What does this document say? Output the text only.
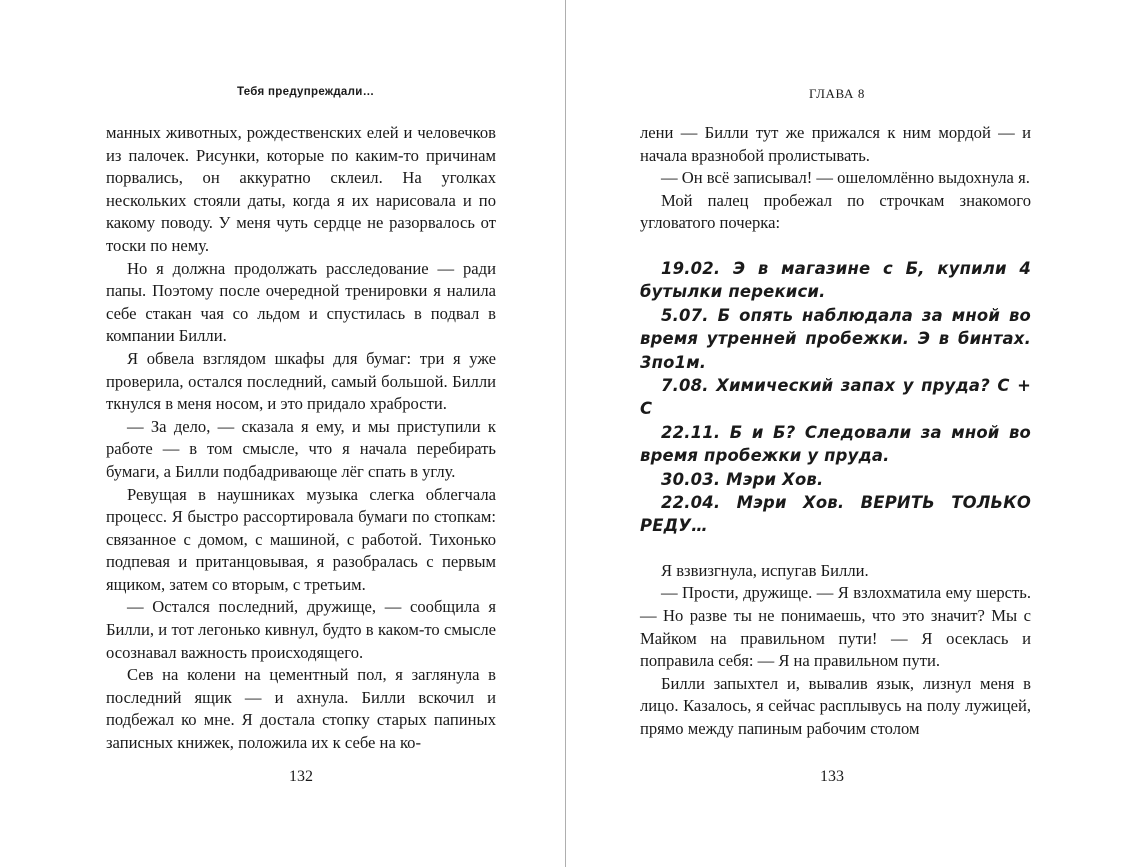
Тебя предупреждали…

манных животных, рождественских елей и человечков из палочек. Рисунки, которые по каким-то причинам порвались, он аккуратно склеил. На уголках нескольких стояли даты, когда я их нарисовала и по какому поводу. У меня чуть сердце не разорвалось от тоски по нему.

Но я должна продолжать расследование — ради папы. Поэтому после очередной тренировки я налила себе стакан чая со льдом и спустилась в подвал в компании Билли.

Я обвела взглядом шкафы для бумаг: три я уже проверила, остался последний, самый большой. Билли ткнулся в меня носом, и это придало храбрости.

— За дело, — сказала я ему, и мы приступили к работе — в том смысле, что я начала перебирать бумаги, а Билли подбадривающе лёг спать в углу.

Ревущая в наушниках музыка слегка облегчала процесс. Я быстро рассортировала бумаги по стопкам: связанное с домом, с машиной, с работой. Тихонько подпевая и пританцовывая, я разобралась с первым ящиком, затем со вторым, с третьим.

— Остался последний, дружище, — сообщила я Билли, и тот легонько кивнул, будто в каком-то смысле осознавал важность происходящего.

Сев на колени на цементный пол, я заглянула в последний ящик — и ахнула. Билли вскочил и подбежал ко мне. Я достала стопку старых папиных записных книжек, положила их к себе на ко-

132
ГЛАВА 8

лени — Билли тут же прижался к ним мордой — и начала вразнобой пролистывать.

— Он всё записывал! — ошеломлённо выдохнула я.

Мой палец пробежал по строчкам знакомого угловатого почерка:

19.02. Э в магазине с Б, купили 4 бутылки перекиси.

5.07. Б опять наблюдала за мной во время утренней пробежки. Э в бинтах. 3по1м.

7.08. Химический запах у пруда? С + С

22.11. Б и Б? Следовали за мной во время пробежки у пруда.

30.03. Мэри Хов.

22.04. Мэри Хов. ВЕРИТЬ ТОЛЬКО РЕДУ…

Я взвизгнула, испугав Билли.

— Прости, дружище. — Я взлохматила ему шерсть. — Но разве ты не понимаешь, что это значит? Мы с Майком на правильном пути! — Я осеклась и поправила себя: — Я на правильном пути.

Билли запыхтел и, вывалив язык, лизнул меня в лицо. Казалось, я сейчас расплывусь на полу лужицей, прямо между папиным рабочим столом

133
